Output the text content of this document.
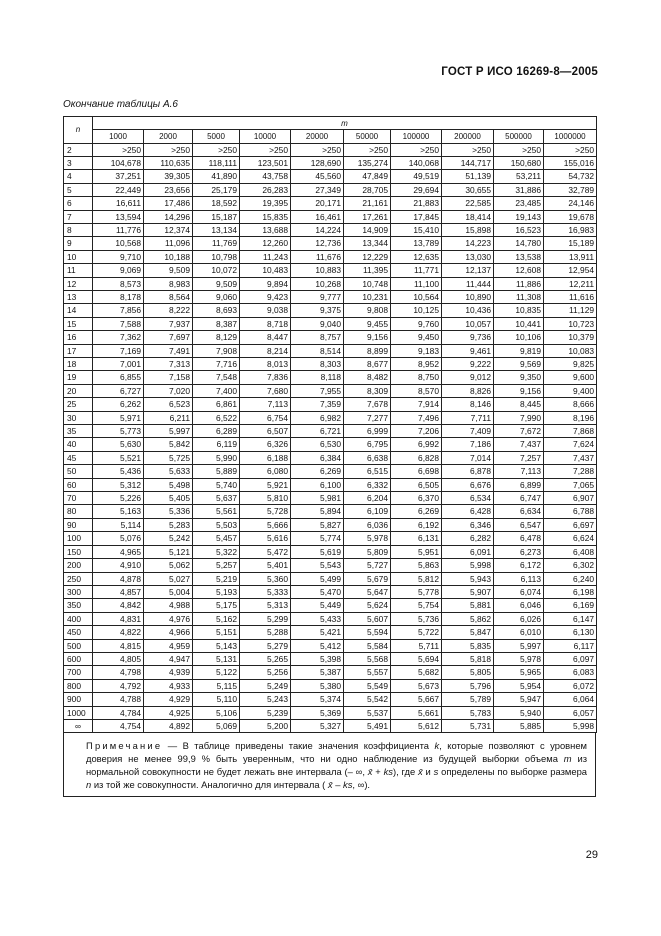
ГОСТ Р ИСО 16269-8—2005
Окончание таблицы А.6
n	m									
	1000	2000	5000	10000	20000	50000	100000	200000	500000	1000000
2	>250	>250	>250	>250	>250	>250	>250	>250	>250	>250
3	104,678	110,635	118,111	123,501	128,690	135,274	140,068	144,717	150,680	155,016
4	37,251	39,305	41,890	43,758	45,560	47,849	49,519	51,139	53,211	54,732
5	22,449	23,656	25,179	26,283	27,349	28,705	29,694	30,655	31,886	32,789
6	16,611	17,486	18,592	19,395	20,171	21,161	21,883	22,585	23,485	24,146
7	13,594	14,296	15,187	15,835	16,461	17,261	17,845	18,414	19,143	19,678
8	11,776	12,374	13,134	13,688	14,224	14,909	15,410	15,898	16,523	16,983
9	10,568	11,096	11,769	12,260	12,736	13,344	13,789	14,223	14,780	15,189
10	9,710	10,188	10,798	11,243	11,676	12,229	12,635	13,030	13,538	13,911
11	9,069	9,509	10,072	10,483	10,883	11,395	11,771	12,137	12,608	12,954
12	8,573	8,983	9,509	9,894	10,268	10,748	11,100	11,444	11,886	12,211
13	8,178	8,564	9,060	9,423	9,777	10,231	10,564	10,890	11,308	11,616
14	7,856	8,222	8,693	9,038	9,375	9,808	10,125	10,436	10,835	11,129
15	7,588	7,937	8,387	8,718	9,040	9,455	9,760	10,057	10,441	10,723
16	7,362	7,697	8,129	8,447	8,757	9,156	9,450	9,736	10,106	10,379
17	7,169	7,491	7,908	8,214	8,514	8,899	9,183	9,461	9,819	10,083
18	7,001	7,313	7,716	8,013	8,303	8,677	8,952	9,222	9,569	9,825
19	6,855	7,158	7,548	7,836	8,118	8,482	8,750	9,012	9,350	9,600
20	6,727	7,020	7,400	7,680	7,955	8,309	8,570	8,826	9,156	9,400
25	6,262	6,523	6,861	7,113	7,359	7,678	7,914	8,146	8,445	8,666
30	5,971	6,211	6,522	6,754	6,982	7,277	7,496	7,711	7,990	8,196
35	5,773	5,997	6,289	6,507	6,721	6,999	7,206	7,409	7,672	7,868
40	5,630	5,842	6,119	6,326	6,530	6,795	6,992	7,186	7,437	7,624
45	5,521	5,725	5,990	6,188	6,384	6,638	6,828	7,014	7,257	7,437
50	5,436	5,633	5,889	6,080	6,269	6,515	6,698	6,878	7,113	7,288
60	5,312	5,498	5,740	5,921	6,100	6,332	6,505	6,676	6,899	7,065
70	5,226	5,405	5,637	5,810	5,981	6,204	6,370	6,534	6,747	6,907
80	5,163	5,336	5,561	5,728	5,894	6,109	6,269	6,428	6,634	6,788
90	5,114	5,283	5,503	5,666	5,827	6,036	6,192	6,346	6,547	6,697
100	5,076	5,242	5,457	5,616	5,774	5,978	6,131	6,282	6,478	6,624
150	4,965	5,121	5,322	5,472	5,619	5,809	5,951	6,091	6,273	6,408
200	4,910	5,062	5,257	5,401	5,543	5,727	5,863	5,998	6,172	6,302
250	4,878	5,027	5,219	5,360	5,499	5,679	5,812	5,943	6,113	6,240
300	4,857	5,004	5,193	5,333	5,470	5,647	5,778	5,907	6,074	6,198
350	4,842	4,988	5,175	5,313	5,449	5,624	5,754	5,881	6,046	6,169
400	4,831	4,976	5,162	5,299	5,433	5,607	5,736	5,862	6,026	6,147
450	4,822	4,966	5,151	5,288	5,421	5,594	5,722	5,847	6,010	6,130
500	4,815	4,959	5,143	5,279	5,412	5,584	5,711	5,835	5,997	6,117
600	4,805	4,947	5,131	5,265	5,398	5,568	5,694	5,818	5,978	6,097
700	4,798	4,939	5,122	5,256	5,387	5,557	5,682	5,805	5,965	6,083
800	4,792	4,933	5,115	5,249	5,380	5,549	5,673	5,796	5,954	6,072
900	4,788	4,929	5,110	5,243	5,374	5,542	5,667	5,789	5,947	6,064
1000	4,784	4,925	5,106	5,239	5,369	5,537	5,661	5,783	5,940	6,057
∞	4,754	4,892	5,069	5,200	5,327	5,491	5,612	5,731	5,885	5,998
Примечание — В таблице приведены такие значения коэффициента k, которые позволяют с уровнем доверия не менее 99,9 % быть уверенным, что ни одно наблюдение из будущей выборки объема m из нормальной совокупности не будет лежать вне интервала (– ∞, x̄ + ks), где x̄ и s определены по выборке размера n из той же совокупности. Аналогично для интервала ( x̄ – ks, ∞).
29
